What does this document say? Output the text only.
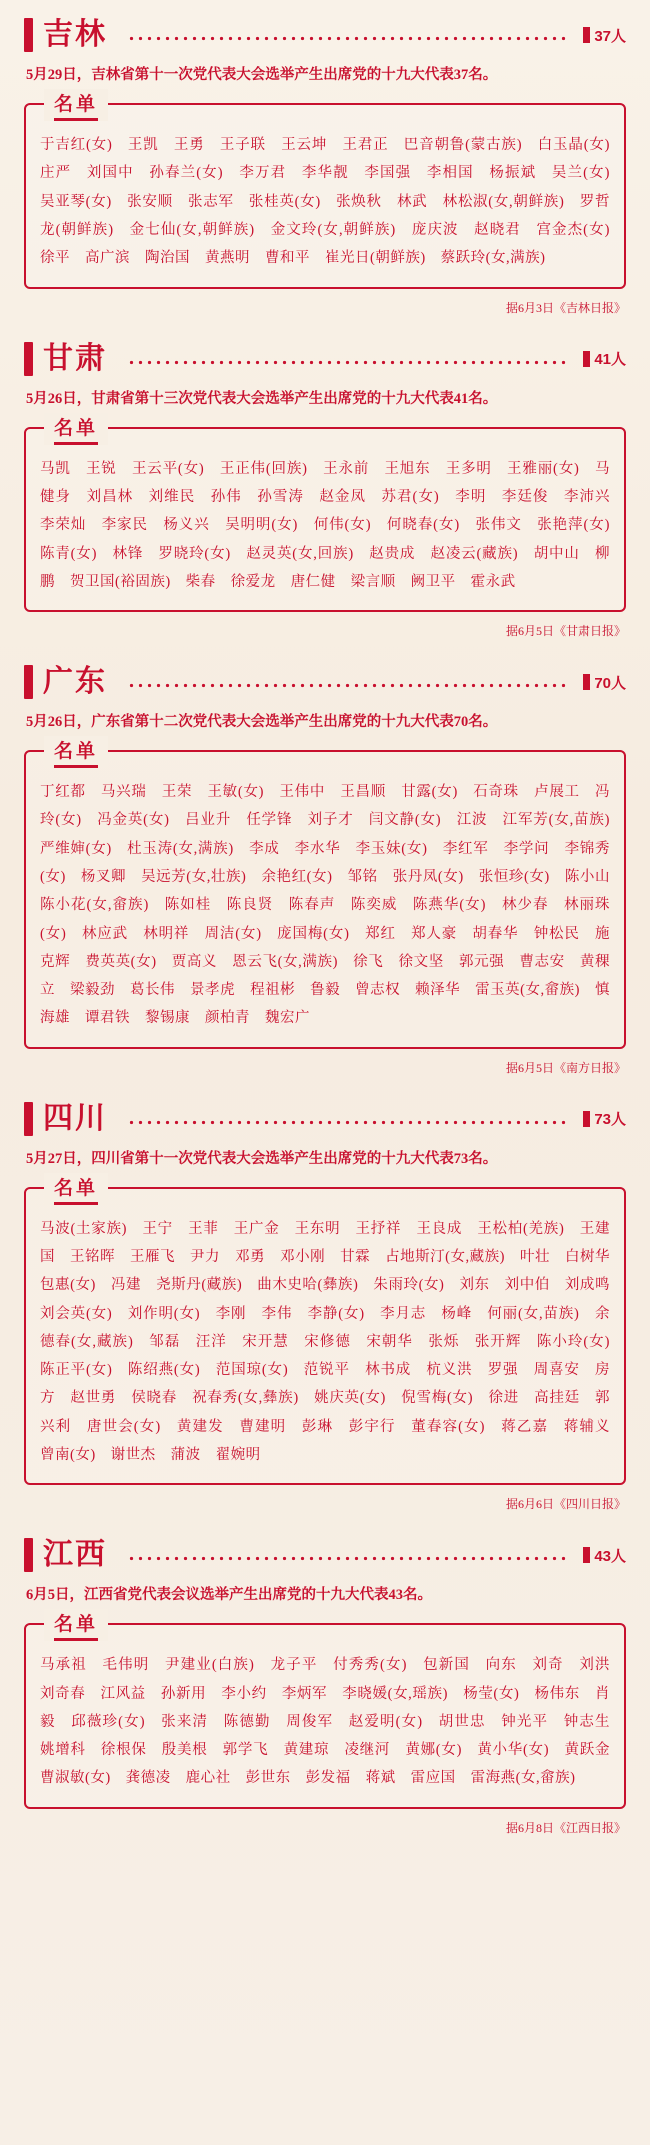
吉林	37人
5月29日，吉林省第十一次党代表大会选举产生出席党的十九大代表37名。
名单
于吉红(女)　王凯　王勇　王子联　王云坤　王君正　巴音朝鲁(蒙古族)　白玉晶(女)　庄严　刘国中　孙春兰(女)　李万君　李华靓　李国强　李相国　杨振斌　吴兰(女)　吴亚琴(女)　张安顺　张志军　张桂英(女)　张焕秋　林武　林松淑(女,朝鲜族)　罗哲龙(朝鲜族)　金七仙(女,朝鲜族)　金文玲(女,朝鲜族)　庞庆波　赵晓君　宫金杰(女)　徐平　高广滨　陶治国　黄燕明　曹和平　崔光日(朝鲜族)　蔡跃玲(女,满族)
据6月3日《吉林日报》
甘肃	41人
5月26日，甘肃省第十三次党代表大会选举产生出席党的十九大代表41名。
名单
马凯　王锐　王云平(女)　王正伟(回族)　王永前　王旭东　王多明　王雅丽(女)　马健身　刘昌林　刘维民　孙伟　孙雪涛　赵金凤　苏君(女)　李明　李廷俊　李沛兴　李荣灿　李家民　杨义兴　吴明明(女)　何伟(女)　何晓春(女)　张伟文　张艳萍(女)　陈青(女)　林锋　罗晓玲(女)　赵灵英(女,回族)　赵贵成　赵凌云(藏族)　胡中山　柳鹏　贺卫国(裕固族)　柴春　徐爱龙　唐仁健　梁言顺　阙卫平　霍永武
据6月5日《甘肃日报》
广东	70人
5月26日，广东省第十二次党代表大会选举产生出席党的十九大代表70名。
名单
丁红都　马兴瑞　王荣　王敏(女)　王伟中　王昌顺　甘露(女)　石奇珠　卢展工　冯玲(女)　冯金英(女)　吕业升　任学锋　刘子才　闫文静(女)　江波　江军芳(女,苗族)　严维婶(女)　杜玉涛(女,满族)　李成　李水华　李玉妹(女)　李红军　李学问　李锦秀(女)　杨叉卿　吴远芳(女,壮族)　余艳红(女)　邹铭　张丹凤(女)　张恒珍(女)　陈小山　陈小花(女,畲族)　陈如桂　陈良贤　陈春声　陈奕威　陈燕华(女)　林少春　林丽珠(女)　林应武　林明祥　周洁(女)　庞国梅(女)　郑红　郑人豪　胡春华　钟松民　施克辉　费英英(女)　贾高义　恩云飞(女,满族)　徐飞　徐文坚　郭元强　曹志安　黄稞立　梁毅劲　葛长伟　景孝虎　程祖彬　鲁毅　曾志权　赖泽华　雷玉英(女,畲族)　慎海雄　谭君铁　黎锡康　颜柏青　魏宏广
据6月5日《南方日报》
四川	73人
5月27日，四川省第十一次党代表大会选举产生出席党的十九大代表73名。
名单
马波(土家族)　王宁　王菲　王广金　王东明　王抒祥　王良成　王松柏(羌族)　王建国　王铭晖　王雁飞　尹力　邓勇　邓小刚　甘霖　占地斯汀(女,藏族)　叶壮　白树华　包惠(女)　冯建　尧斯丹(藏族)　曲木史哈(彝族)　朱雨玲(女)　刘东　刘中伯　刘成鸣　刘会英(女)　刘作明(女)　李刚　李伟　李静(女)　李月志　杨峰　何丽(女,苗族)　余德春(女,藏族)　邹磊　汪洋　宋开慧　宋修德　宋朝华　张烁　张开辉　陈小玲(女)　陈正平(女)　陈绍燕(女)　范国琼(女)　范锐平　林书成　杭义洪　罗强　周喜安　房方　赵世勇　侯晓春　祝春秀(女,彝族)　姚庆英(女)　倪雪梅(女)　徐进　高挂廷　郭兴利　唐世会(女)　黄建发　曹建明　彭琳　彭宇行　董春容(女)　蒋乙嘉　蒋辅义　曾南(女)　谢世杰　蒲波　翟婉明
据6月6日《四川日报》
江西	43人
6月5日，江西省党代表会议选举产生出席党的十九大代表43名。
名单
马承祖　毛伟明　尹建业(白族)　龙子平　付秀秀(女)　包新国　向东　刘奇　刘洪　刘奇春　江风益　孙新用　李小约　李炳军　李晓媛(女,瑶族)　杨莹(女)　杨伟东　肖毅　邱薇珍(女)　张来清　陈德勤　周俊军　赵爱明(女)　胡世忠　钟光平　钟志生　姚增科　徐根保　殷美根　郭学飞　黄建琼　凌继河　黄娜(女)　黄小华(女)　黄跃金　曹淑敏(女)　龚德凌　鹿心社　彭世东　彭发福　蒋斌　雷应国　雷海燕(女,畲族)
据6月8日《江西日报》
